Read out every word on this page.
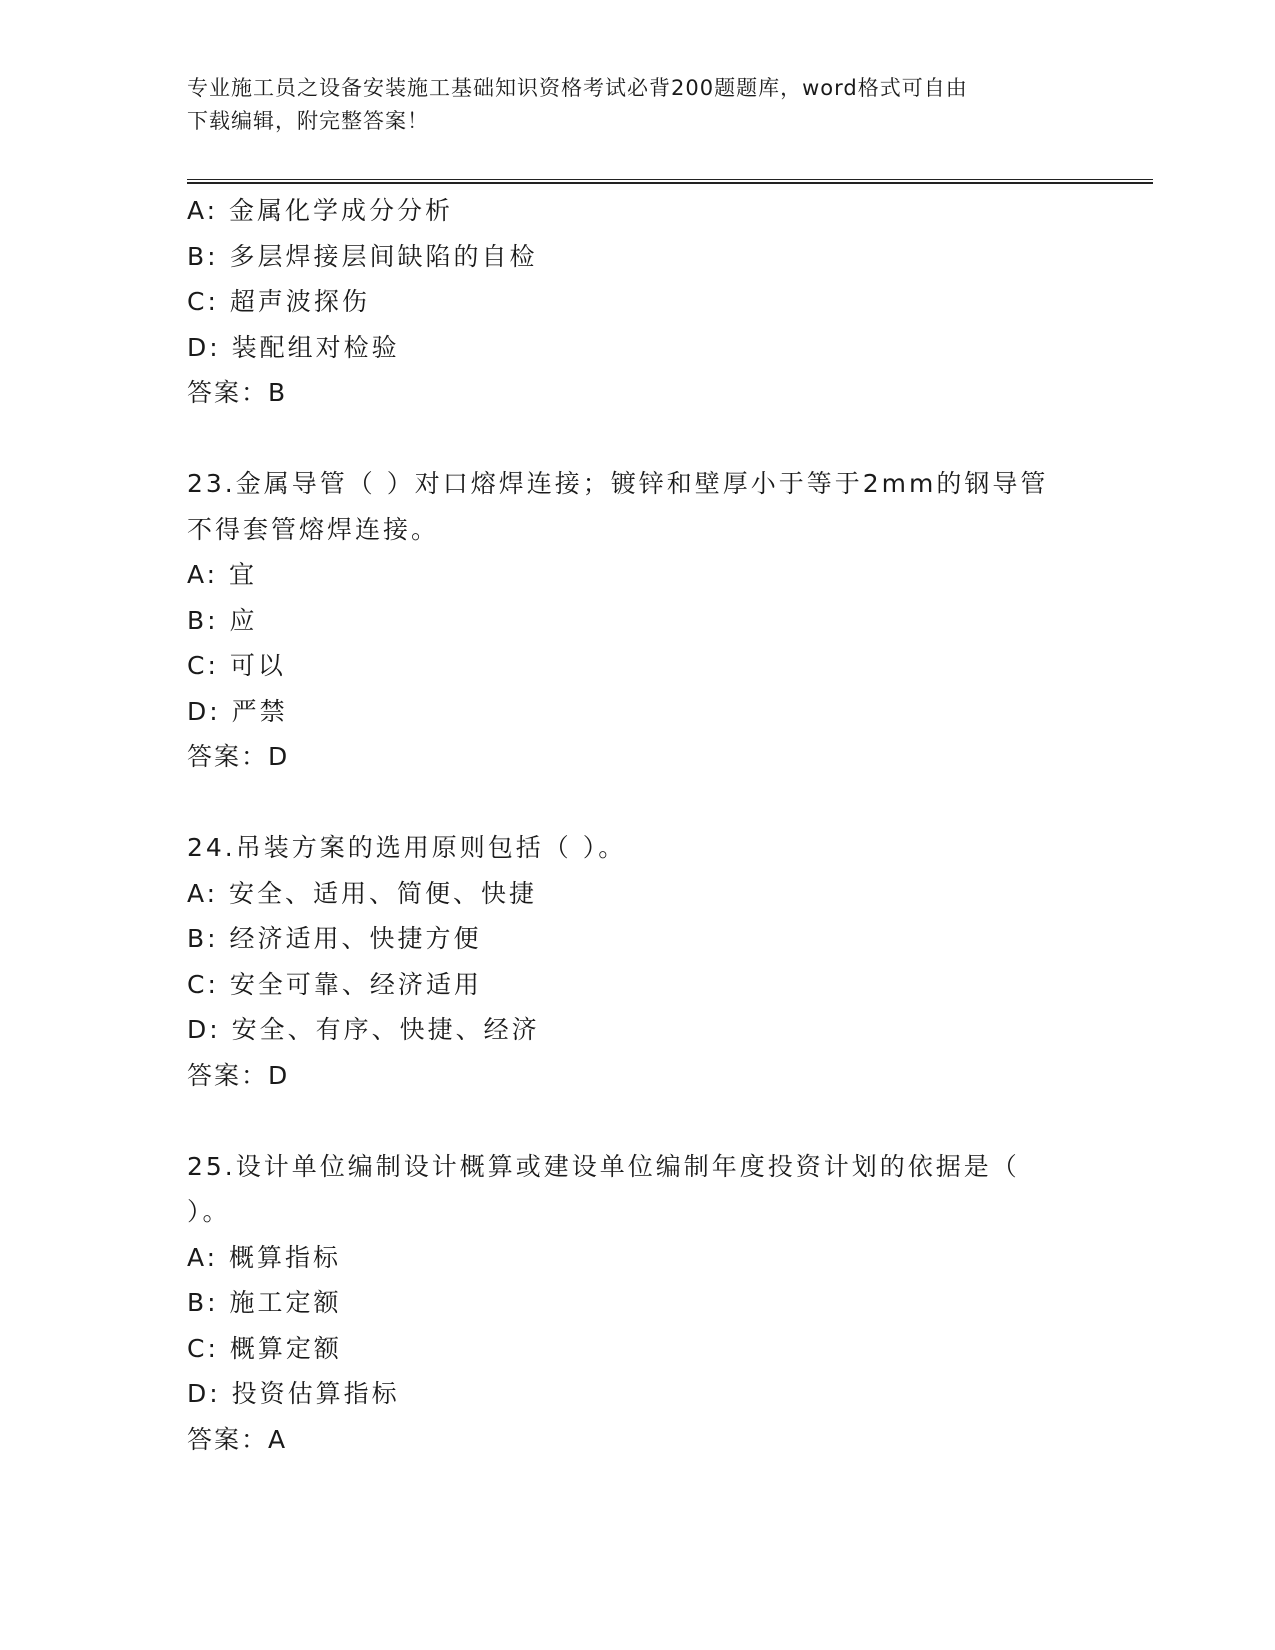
专业施工员之设备安装施工基础知识资格考试必背200题题库，word格式可自由
下载编辑，附完整答案！
A: 金属化学成分分析
B: 多层焊接层间缺陷的自检
C: 超声波探伤
D: 装配组对检验
答案：B
23.金属导管（ ）对口熔焊连接；镀锌和壁厚小于等于2mm的钢导管
不得套管熔焊连接。
A: 宜
B: 应
C: 可以
D: 严禁
答案：D
24.吊装方案的选用原则包括（ ）。
A: 安全、适用、简便、快捷
B: 经济适用、快捷方便
C: 安全可靠、经济适用
D: 安全、有序、快捷、经济
答案：D
25.设计单位编制设计概算或建设单位编制年度投资计划的依据是（
）。
A: 概算指标
B: 施工定额
C: 概算定额
D: 投资估算指标
答案：A
